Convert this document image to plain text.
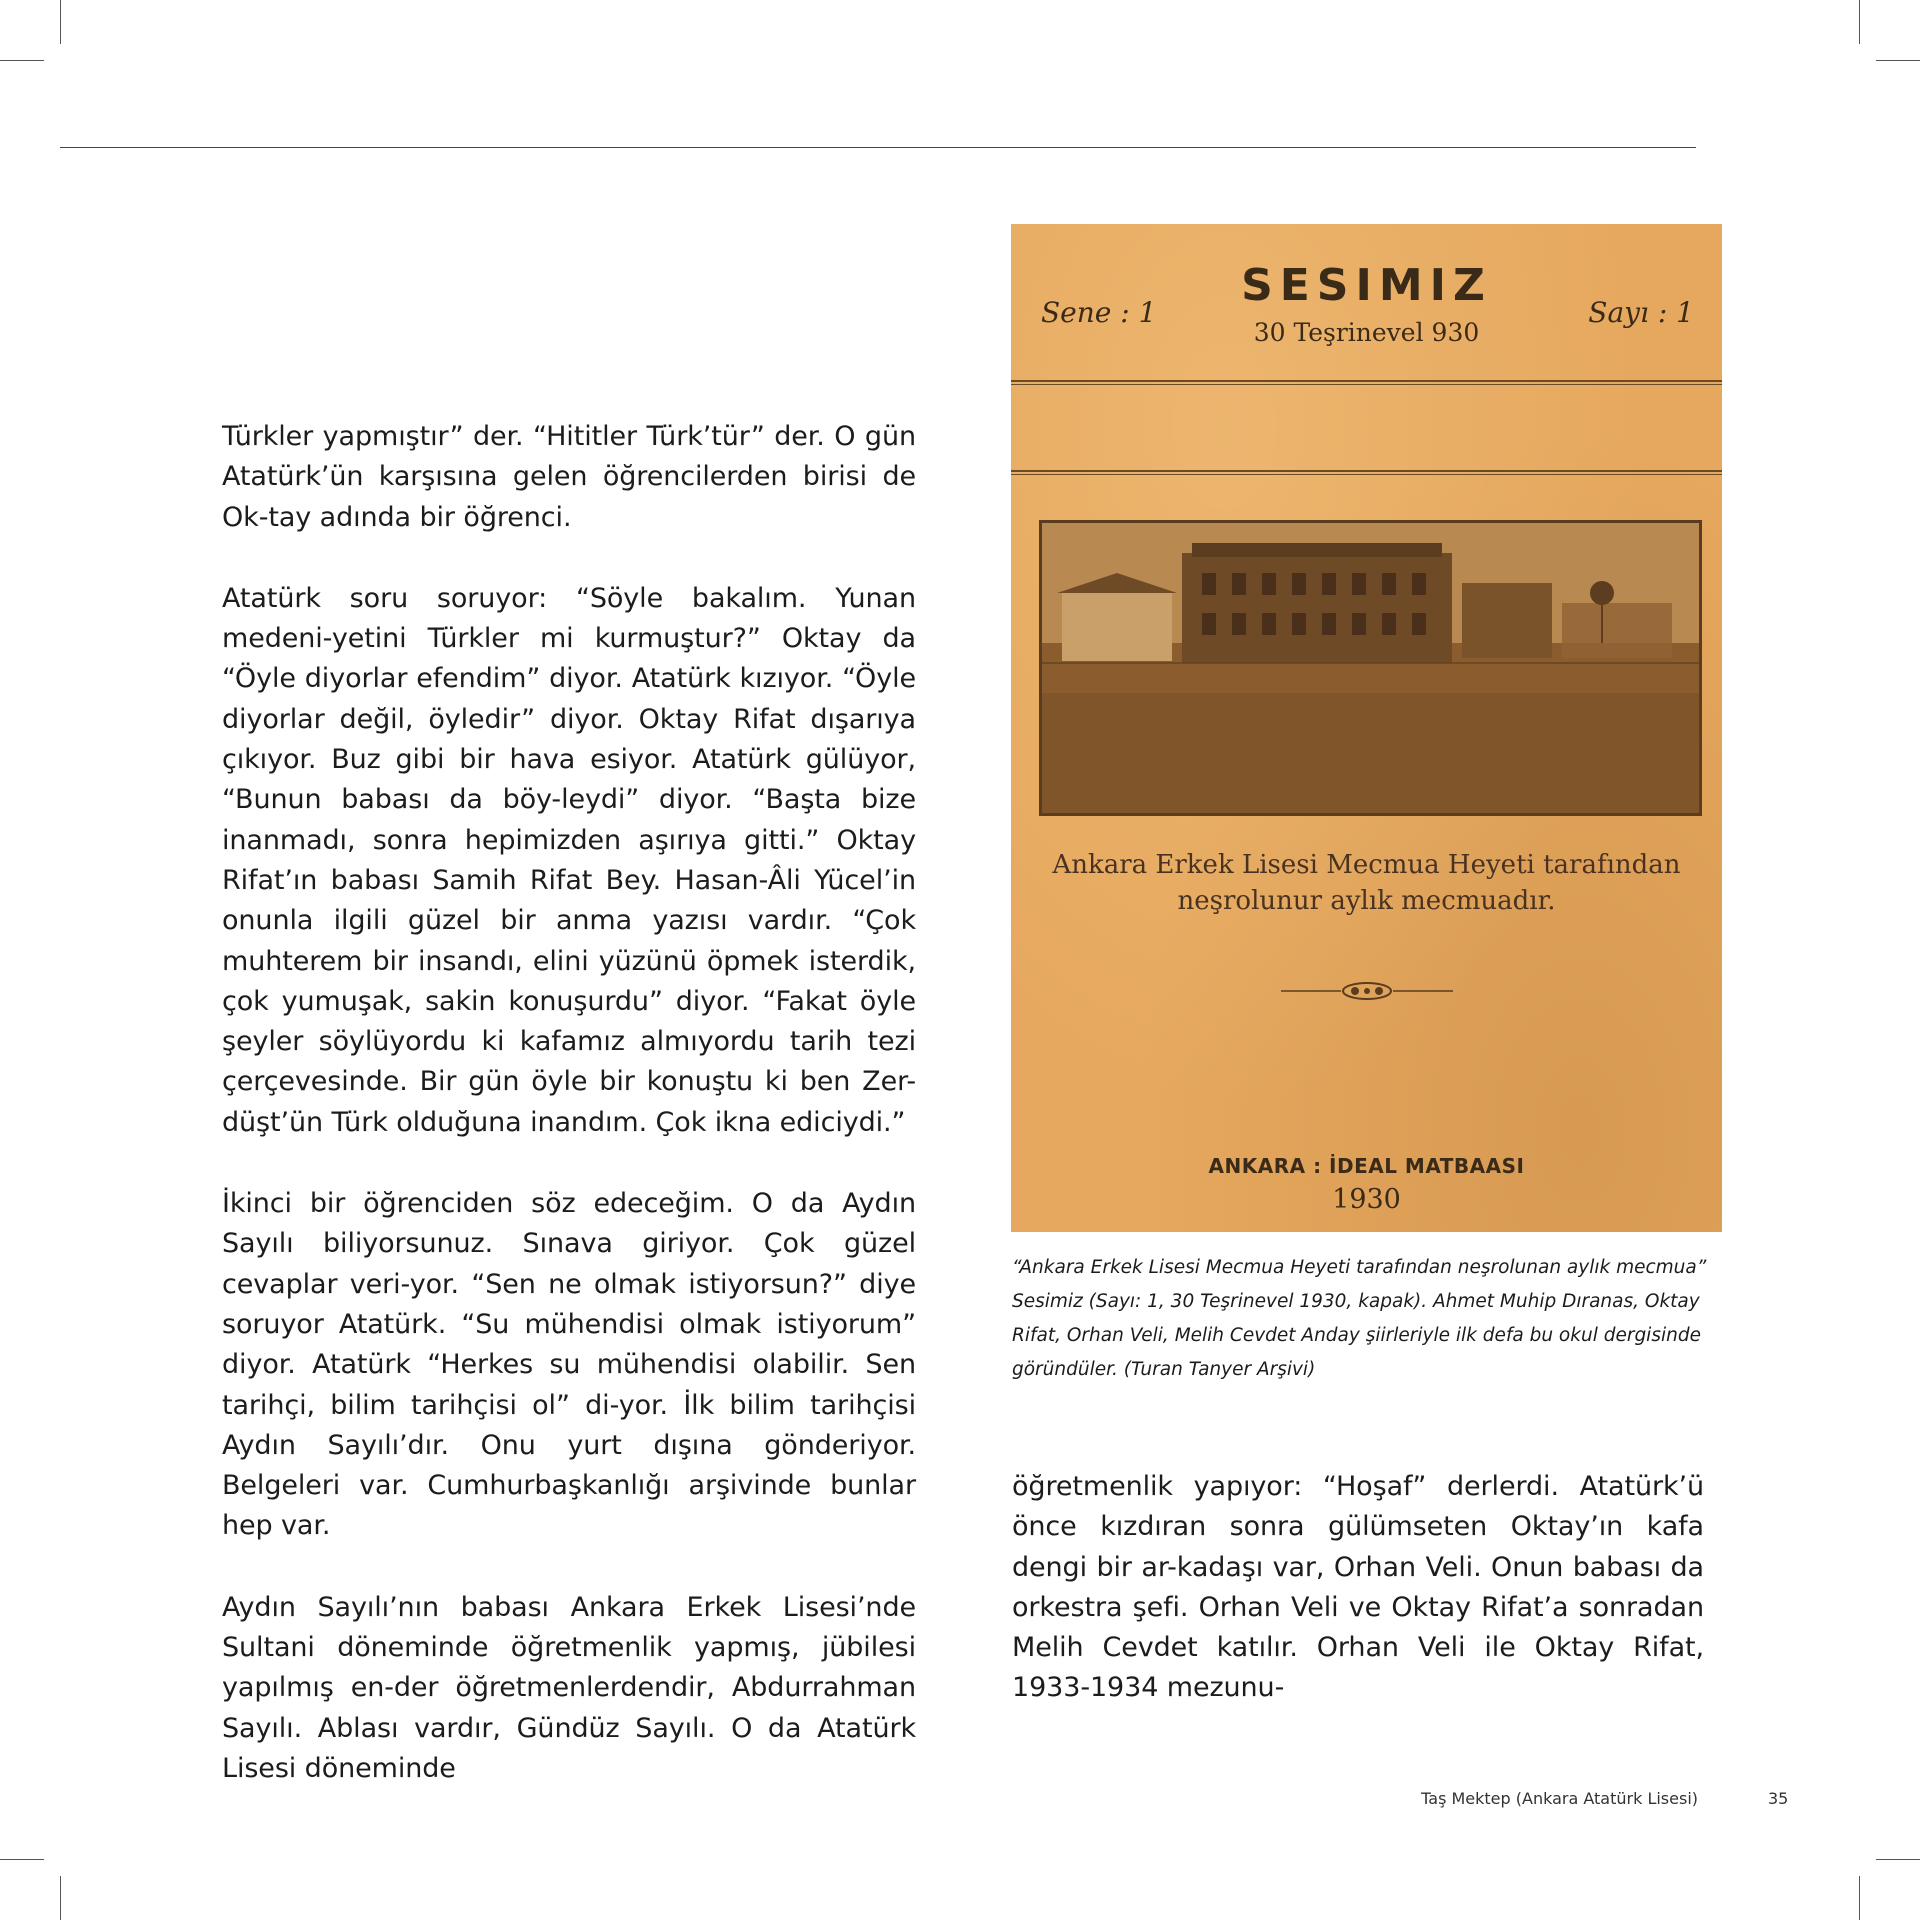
Türkler yapmıştır” der. “Hititler Türk’tür” der. O gün Atatürk’ün karşısına gelen öğrencilerden birisi de Ok-tay adında bir öğrenci.

Atatürk soru soruyor: “Söyle bakalım. Yunan medeni-yetini Türkler mi kurmuştur?” Oktay da “Öyle diyorlar efendim” diyor. Atatürk kızıyor. “Öyle diyorlar değil, öyledir” diyor. Oktay Rifat dışarıya çıkıyor. Buz gibi bir hava esiyor. Atatürk gülüyor, “Bunun babası da böy-leydi” diyor. “Başta bize inanmadı, sonra hepimizden aşırıya gitti.” Oktay Rifat’ın babası Samih Rifat Bey. Hasan-Âli Yücel’in onunla ilgili güzel bir anma yazısı vardır. “Çok muhterem bir insandı, elini yüzünü öpmek isterdik, çok yumuşak, sakin konuşurdu” diyor. “Fakat öyle şeyler söylüyordu ki kafamız almıyordu tarih tezi çerçevesinde. Bir gün öyle bir konuştu ki ben Zer-düşt’ün Türk olduğuna inandım. Çok ikna ediciydi.”

İkinci bir öğrenciden söz edeceğim. O da Aydın Sayılı biliyorsunuz. Sınava giriyor. Çok güzel cevaplar veri-yor. “Sen ne olmak istiyorsun?” diye soruyor Atatürk. “Su mühendisi olmak istiyorum” diyor. Atatürk “Herkes su mühendisi olabilir. Sen tarihçi, bilim tarihçisi ol” di-yor. İlk bilim tarihçisi Aydın Sayılı’dır. Onu yurt dışına gönderiyor. Belgeleri var. Cumhurbaşkanlığı arşivinde bunlar hep var.

Aydın Sayılı’nın babası Ankara Erkek Lisesi’nde Sultani döneminde öğretmenlik yapmış, jübilesi yapılmış en-der öğretmenlerdendir, Abdurrahman Sayılı. Ablası vardır, Gündüz Sayılı. O da Atatürk Lisesi döneminde

SESIMIZ
Sene : 1	Sayı : 1
30 Teşrinevel 930
Ankara Erkek Lisesi Mecmua Heyeti tarafından
neşrolunur aylık mecmuadır.
ANKARA : İDEAL MATBAASI
1930
“Ankara Erkek Lisesi Mecmua Heyeti tarafından neşrolunan aylık mecmua” Sesimiz (Sayı: 1, 30 Teşrinevel 1930, kapak). Ahmet Muhip Dıranas, Oktay Rifat, Orhan Veli, Melih Cevdet Anday şiirleriyle ilk defa bu okul dergisinde göründüler. (Turan Tanyer Arşivi)

öğretmenlik yapıyor: “Hoşaf” derlerdi. Atatürk’ü önce kızdıran sonra gülümseten Oktay’ın kafa dengi bir ar-kadaşı var, Orhan Veli. Onun babası da orkestra şefi. Orhan Veli ve Oktay Rifat’a sonradan Melih Cevdet katılır. Orhan Veli ile Oktay Rifat, 1933-1934 mezunu-

Taş Mektep (Ankara Atatürk Lisesi)	35
